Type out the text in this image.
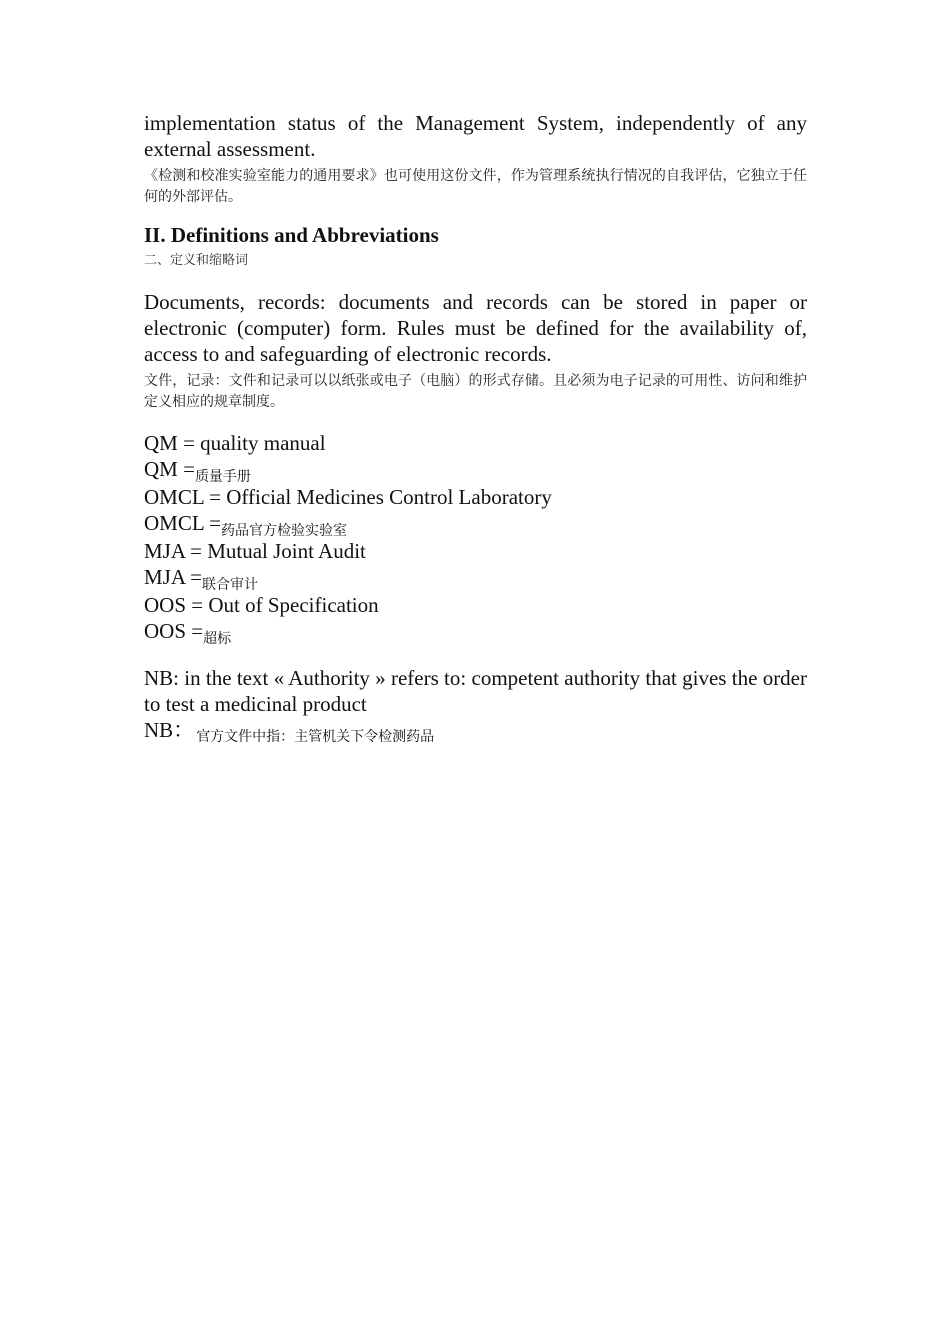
implementation status of the Management System, independently of any external assessment.

《检测和校准实验室能力的通用要求》也可使用这份文件，作为管理系统执行情况的自我评估，它独立于任何的外部评估。

II. Definitions and Abbreviations

二、定义和缩略词

Documents, records: documents and records can be stored in paper or electronic (computer) form. Rules must be defined for the availability of, access to and safeguarding of electronic records.

文件，记录：文件和记录可以以纸张或电子（电脑）的形式存储。且必须为电子记录的可用性、访问和维护定义相应的规章制度。

QM = quality manual

QM $=_{质量手册}$

OMCL = Official Medicines Control Laboratory

OMCL $=_{药品官方检验实验室}$

MJA = Mutual Joint Audit

MJA $=_{联合审计}$

OOS = Out of Specification

OOS $=_{超标}$

NB: in the text « Authority » refers to: competent authority that gives the order to test a medicinal product

NB： 官方文件中指：主管机关下令检测药品
